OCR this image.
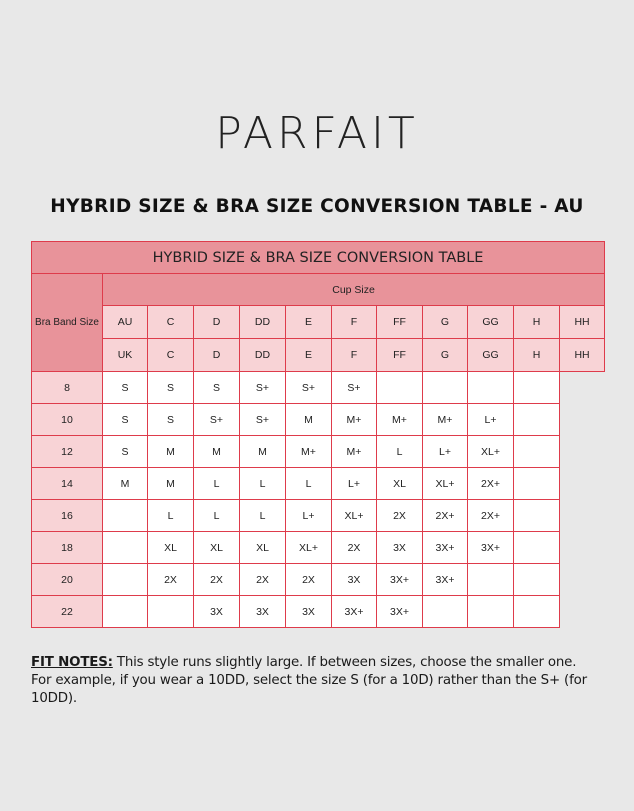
PARFAIT
HYBRID SIZE & BRA SIZE CONVERSION TABLE - AU
HYBRID SIZE & BRA SIZE CONVERSION TABLE											
Bra Band Size	Cup Size										
	AU	C	D	DD	E	F	FF	G	GG	H	HH
	UK	C	D	DD	E	F	FF	G	GG	H	HH
8	S	S	S	S+	S+	S+					
10	S	S	S+	S+	M	M+	M+	M+	L+		
12	S	M	M	M	M+	M+	L	L+	XL+		
14	M	M	L	L	L	L+	XL	XL+	2X+		
16		L	L	L	L+	XL+	2X	2X+	2X+		
18		XL	XL	XL	XL+	2X	3X	3X+	3X+		
20		2X	2X	2X	2X	3X	3X+	3X+			
22			3X	3X	3X	3X+	3X+				
FIT NOTES: This style runs slightly large. If between sizes, choose the smaller one.
For example, if you wear a 10DD, select the size S (for a 10D) rather than the S+ (for 10DD).
